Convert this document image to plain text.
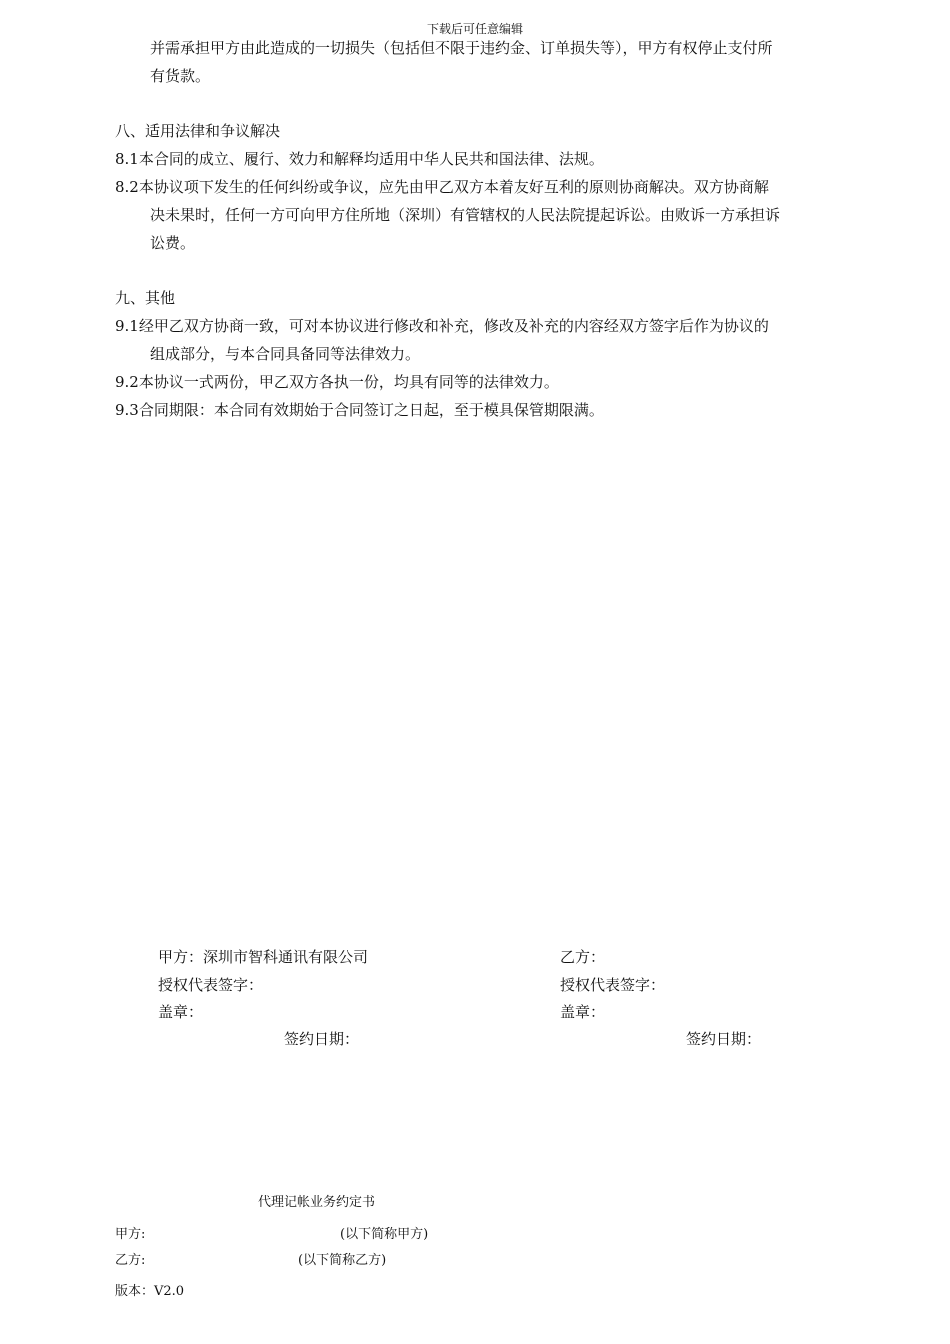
下载后可任意编辑
并需承担甲方由此造成的一切损失（包括但不限于违约金、订单损失等），甲方有权停止支付所
有货款。
八、适用法律和争议解决
8.1本合同的成立、履行、效力和解释均适用中华人民共和国法律、法规。
8.2本协议项下发生的任何纠纷或争议，应先由甲乙双方本着友好互利的原则协商解决。双方协商解
决未果时，任何一方可向甲方住所地（深圳）有管辖权的人民法院提起诉讼。由败诉一方承担诉
讼费。
九、其他
9.1经甲乙双方协商一致，可对本协议进行修改和补充，修改及补充的内容经双方签字后作为协议的
组成部分，与本合同具备同等法律效力。
9.2本协议一式两份，甲乙双方各执一份，均具有同等的法律效力。
9.3合同期限：本合同有效期始于合同签订之日起，至于模具保管期限满。
甲方：深圳市智科通讯有限公司
授权代表签字：
盖章：
签约日期：
乙方：
授权代表签字：
盖章：
签约日期：
代理记帐业务约定书
甲方:	(以下简称甲方)
乙方:	(以下简称乙方)
版本：V2.0
